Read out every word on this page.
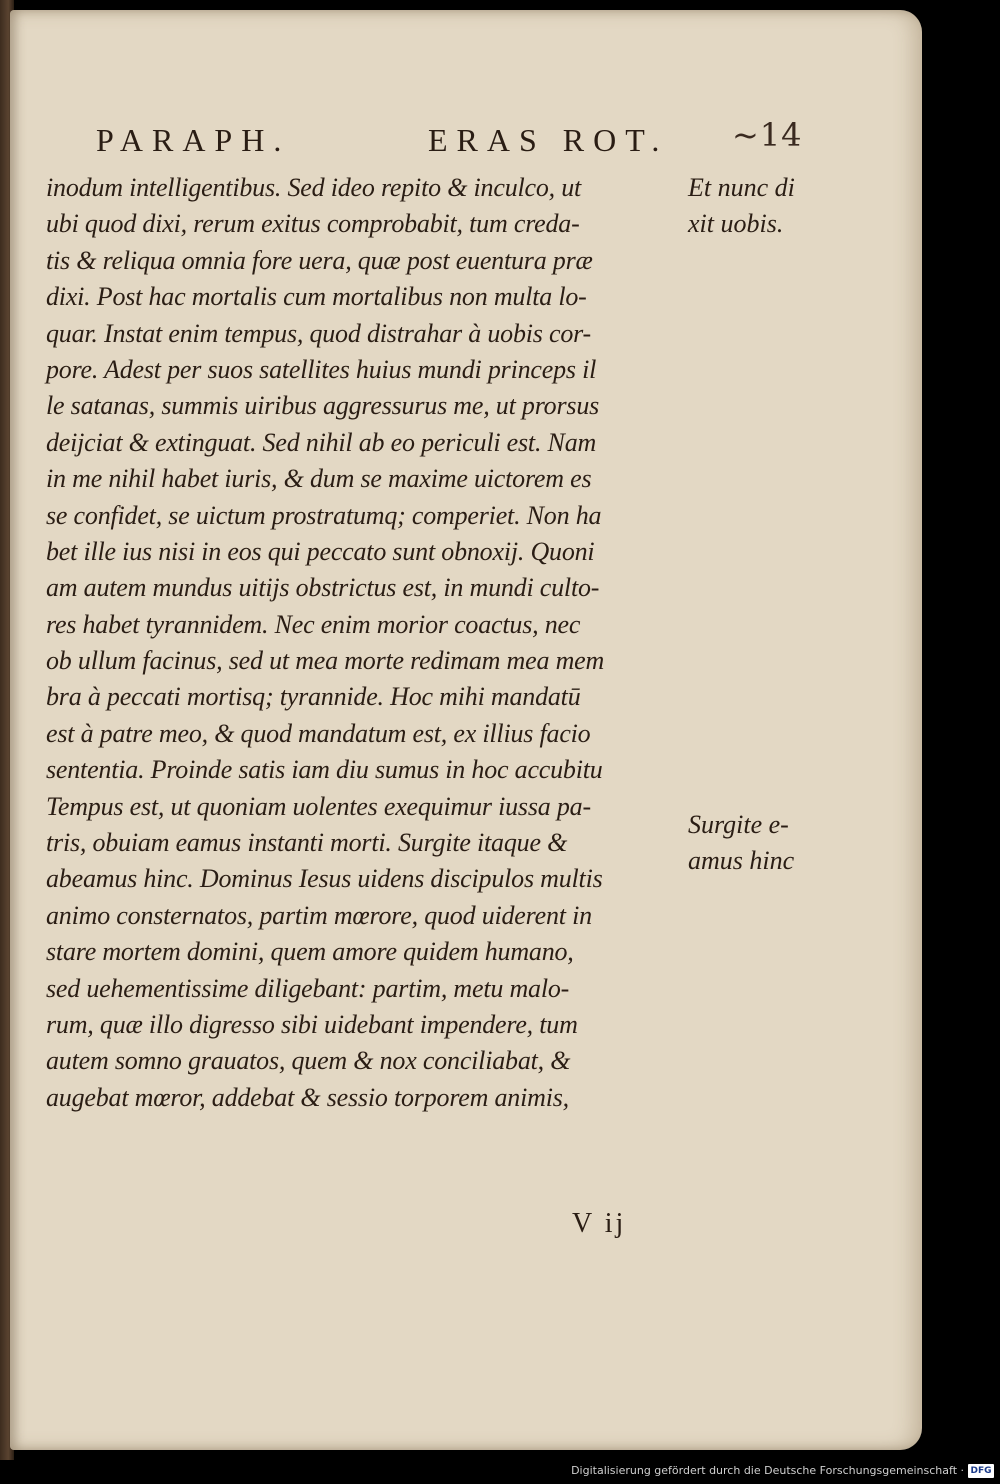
PARAPH.	ERAS ROT. ~14
inodum intelligentibus. Sed ideo repito & inculco, ut
ubi quod dixi, rerum exitus comprobabit, tum creda-
tis & reliqua omnia fore uera, quæ post euentura præ
dixi. Post hac mortalis cum mortalibus non multa lo-
quar. Instat enim tempus, quod distrahar à uobis cor-
pore. Adest per suos satellites huius mundi princeps il
le satanas, summis uiribus aggressurus me, ut prorsus
deijciat & extinguat. Sed nihil ab eo periculi est. Nam
in me nihil habet iuris, & dum se maxime uictorem es
se confidet, se uictum prostratumq; comperiet. Non ha
bet ille ius nisi in eos qui peccato sunt obnoxij. Quoni
am autem mundus uitijs obstrictus est, in mundi culto-
res habet tyrannidem. Nec enim morior coactus, nec
ob ullum facinus, sed ut mea morte redimam mea mem
bra à peccati mortisq; tyrannide. Hoc mihi mandatū
est à patre meo, & quod mandatum est, ex illius facio
sententia. Proinde satis iam diu sumus in hoc accubitu
Tempus est, ut quoniam uolentes exequimur iussa pa-
tris, obuiam eamus instanti morti. Surgite itaque &
abeamus hinc. Dominus Iesus uidens discipulos multis
animo consternatos, partim mœrore, quod uiderent in
stare mortem domini, quem amore quidem humano,
sed uehementissime diligebant: partim, metu malo-
rum, quæ illo digresso sibi uidebant impendere, tum
autem somno grauatos, quem & nox conciliabat, &
augebat mœror, addebat & sessio torporem animis,
Et nunc di
xit uobis.
Surgite e-
amus hinc
V ij
Digitalisierung gefördert durch die Deutsche Forschungsgemeinschaft · DFG
